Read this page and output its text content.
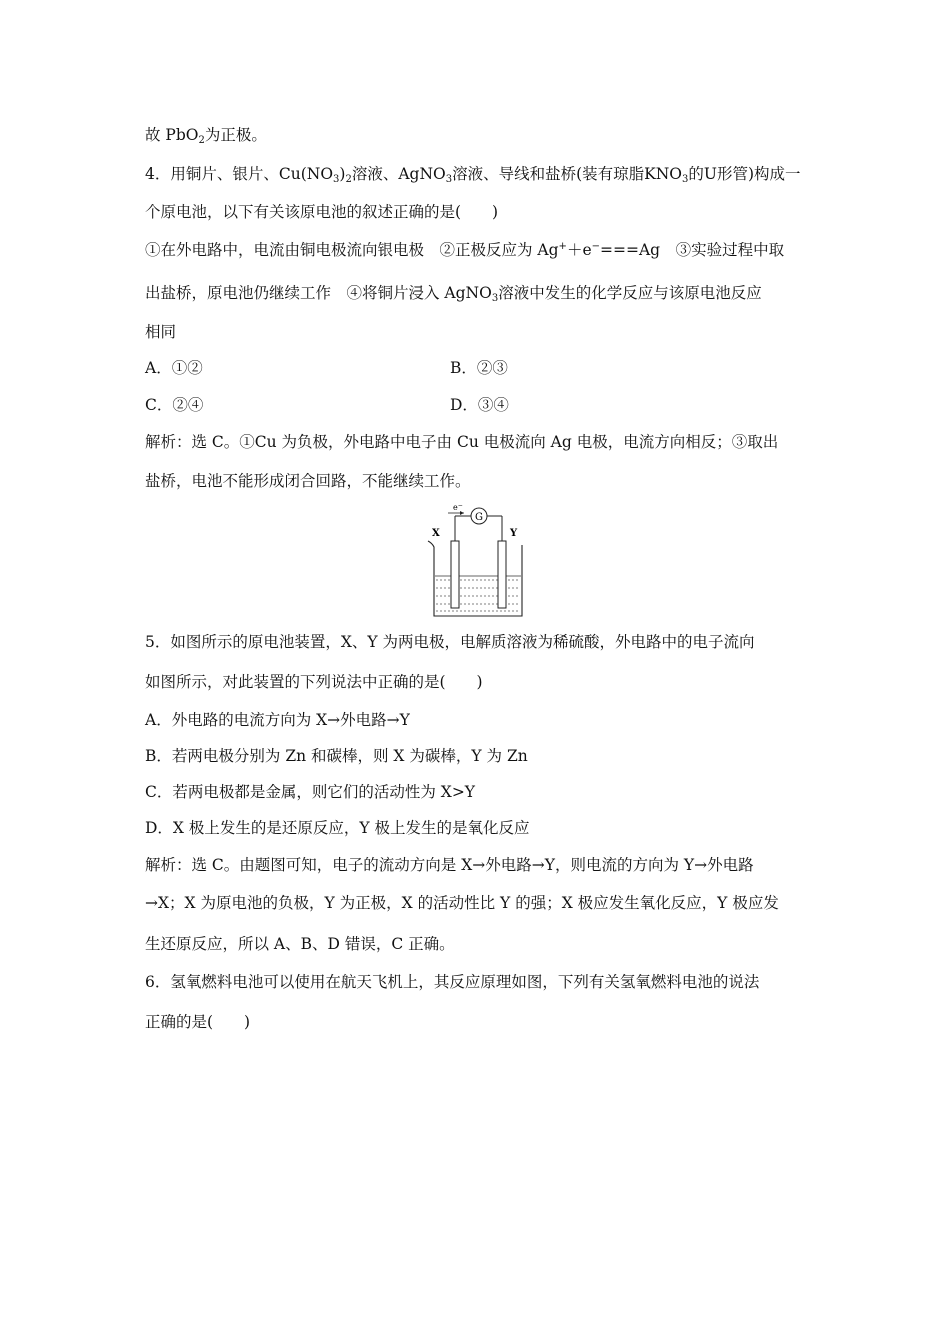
故 PbO$_2$为正极。
4．用铜片、银片、$Cu(NO_3)_2$溶液、AgNO$_3$溶液、导线和盐桥(装有琼脂$KNO_3$的U形管)构成一
个原电池，以下有关该原电池的叙述正确的是(　　)
①在外电路中，电流由铜电极流向银电极　②正极反应为 Ag+＋e−===Ag　③实验过程中取
出盐桥，原电池仍继续工作　④将铜片浸入 AgNO$_3$溶液中发生的化学反应与该原电池反应
相同
A．①②	B．②③
C．②④	D．③④
解析：选 C。①Cu 为负极，外电路中电子由 Cu 电极流向 Ag 电极，电流方向相反；③取出
盐桥，电池不能形成闭合回路，不能继续工作。
G
e−
X	Y
5．如图所示的原电池装置，X、Y 为两电极，电解质溶液为稀硫酸，外电路中的电子流向
如图所示，对此装置的下列说法中正确的是(　　)
A．外电路的电流方向为 X→外电路→Y
B．若两电极分别为 Zn 和碳棒，则 X 为碳棒，Y 为 Zn
C．若两电极都是金属，则它们的活动性为 X>Y
D．X 极上发生的是还原反应，Y 极上发生的是氧化反应
解析：选 C。由题图可知，电子的流动方向是 X→外电路→Y，则电流的方向为 Y→外电路
→X；X 为原电池的负极，Y 为正极，X 的活动性比 Y 的强；X 极应发生氧化反应，Y 极应发
生还原反应，所以 A、B、D 错误，C 正确。
6．氢氧燃料电池可以使用在航天飞机上，其反应原理如图，下列有关氢氧燃料电池的说法
正确的是(　　)
